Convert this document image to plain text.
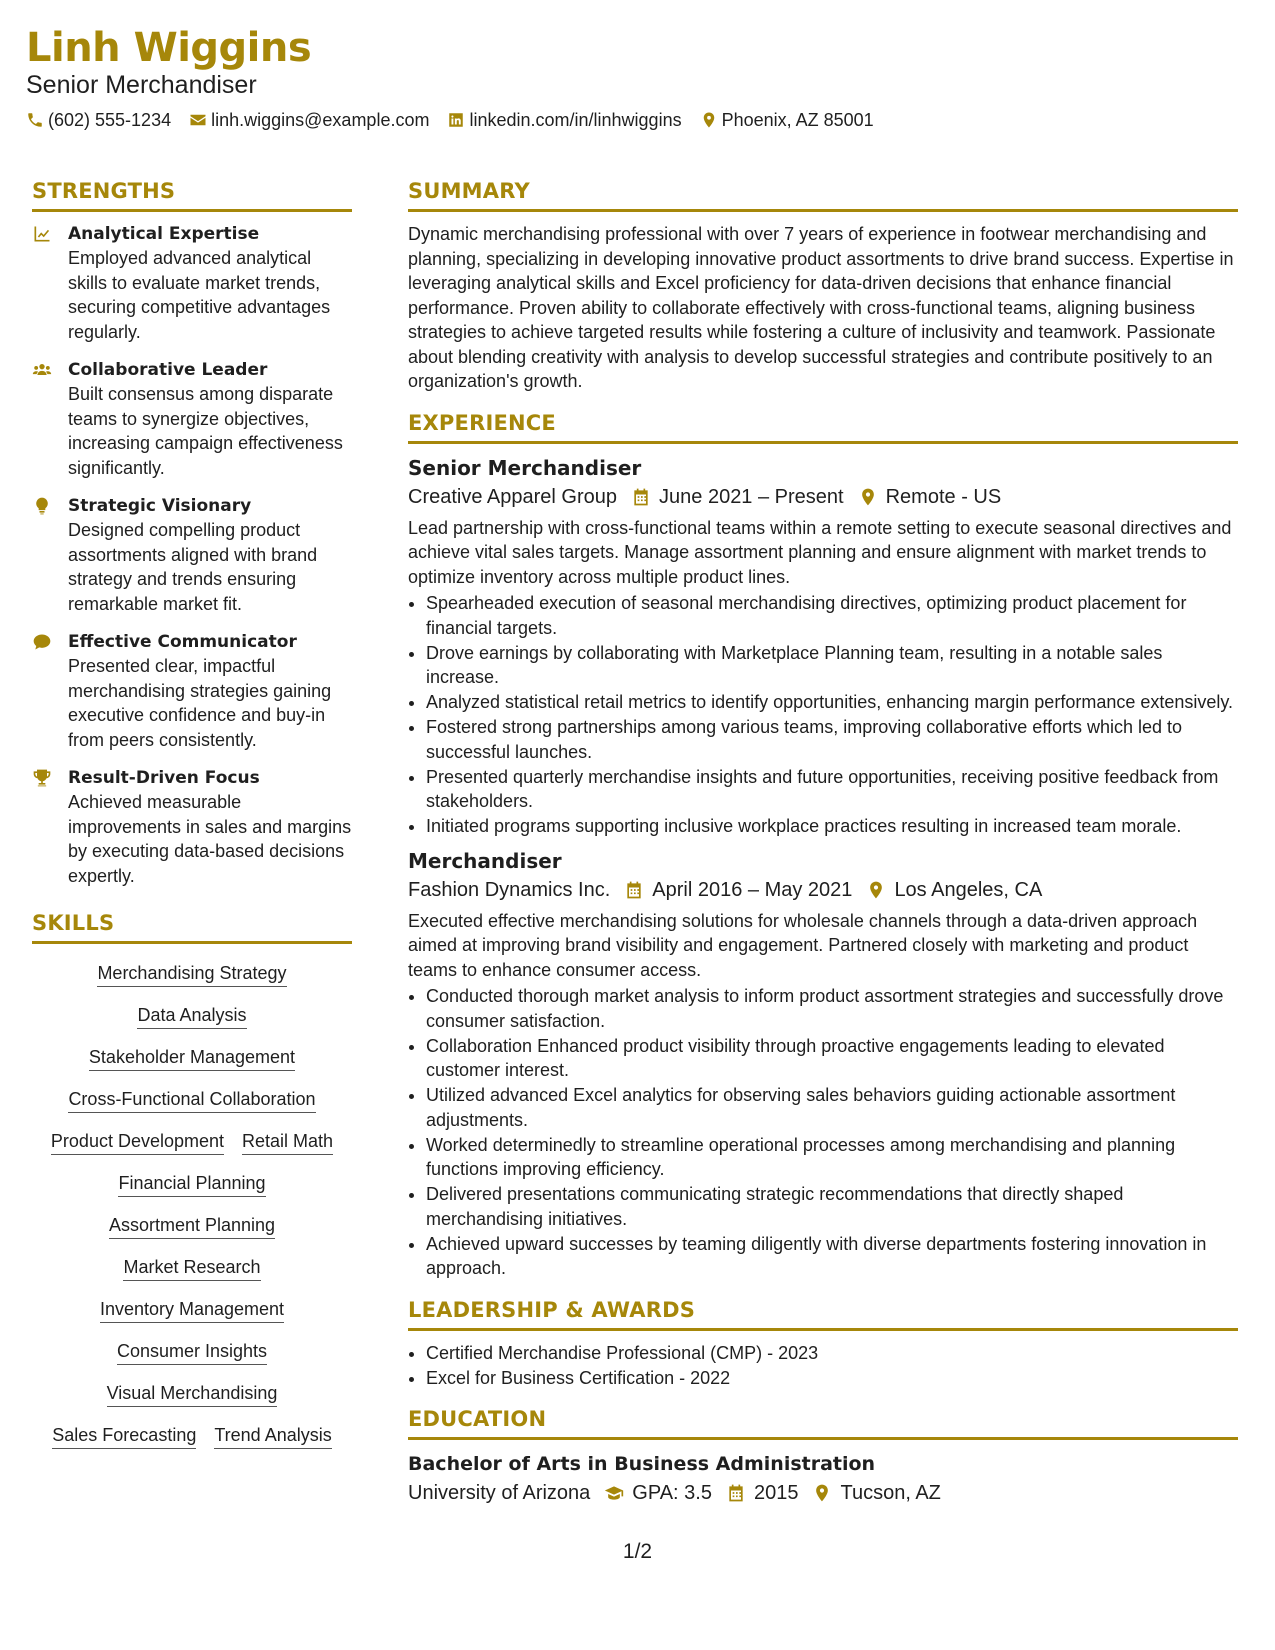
Linh Wiggins
Senior Merchandiser
(602) 555-1234 linh.wiggins@example.com linkedin.com/in/linhwiggins Phoenix, AZ 85001
STRENGTHS
Analytical Expertise
Employed advanced analytical skills to evaluate market trends, securing competitive advantages regularly.
Collaborative Leader
Built consensus among disparate teams to synergize objectives, increasing campaign effectiveness significantly.
Strategic Visionary
Designed compelling product assortments aligned with brand strategy and trends ensuring remarkable market fit.
Effective Communicator
Presented clear, impactful merchandising strategies gaining executive confidence and buy-in from peers consistently.
Result-Driven Focus
Achieved measurable improvements in sales and margins by executing data-based decisions expertly.
SKILLS
Merchandising Strategy
Data Analysis
Stakeholder Management
Cross-Functional Collaboration
Product Development Retail Math
Financial Planning
Assortment Planning
Market Research
Inventory Management
Consumer Insights
Visual Merchandising
Sales Forecasting Trend Analysis
SUMMARY
Dynamic merchandising professional with over 7 years of experience in footwear merchandising and planning, specializing in developing innovative product assortments to drive brand success. Expertise in leveraging analytical skills and Excel proficiency for data-driven decisions that enhance financial performance. Proven ability to collaborate effectively with cross-functional teams, aligning business strategies to achieve targeted results while fostering a culture of inclusivity and teamwork. Passionate about blending creativity with analysis to develop successful strategies and contribute positively to an organization's growth.
EXPERIENCE
Senior Merchandiser
Creative Apparel Group June 2021 – Present Remote - US
Lead partnership with cross-functional teams within a remote setting to execute seasonal directives and achieve vital sales targets. Manage assortment planning and ensure alignment with market trends to optimize inventory across multiple product lines.
• Spearheaded execution of seasonal merchandising directives, optimizing product placement for financial targets.
• Drove earnings by collaborating with Marketplace Planning team, resulting in a notable sales increase.
• Analyzed statistical retail metrics to identify opportunities, enhancing margin performance extensively.
• Fostered strong partnerships among various teams, improving collaborative efforts which led to successful launches.
• Presented quarterly merchandise insights and future opportunities, receiving positive feedback from stakeholders.
• Initiated programs supporting inclusive workplace practices resulting in increased team morale.
Merchandiser
Fashion Dynamics Inc. April 2016 – May 2021 Los Angeles, CA
Executed effective merchandising solutions for wholesale channels through a data-driven approach aimed at improving brand visibility and engagement. Partnered closely with marketing and product teams to enhance consumer access.
• Conducted thorough market analysis to inform product assortment strategies and successfully drove consumer satisfaction.
• Collaboration Enhanced product visibility through proactive engagements leading to elevated customer interest.
• Utilized advanced Excel analytics for observing sales behaviors guiding actionable assortment adjustments.
• Worked determinedly to streamline operational processes among merchandising and planning functions improving efficiency.
• Delivered presentations communicating strategic recommendations that directly shaped merchandising initiatives.
• Achieved upward successes by teaming diligently with diverse departments fostering innovation in approach.
LEADERSHIP & AWARDS
• Certified Merchandise Professional (CMP) - 2023
• Excel for Business Certification - 2022
EDUCATION
Bachelor of Arts in Business Administration
University of Arizona GPA: 3.5 2015 Tucson, AZ
1/2
